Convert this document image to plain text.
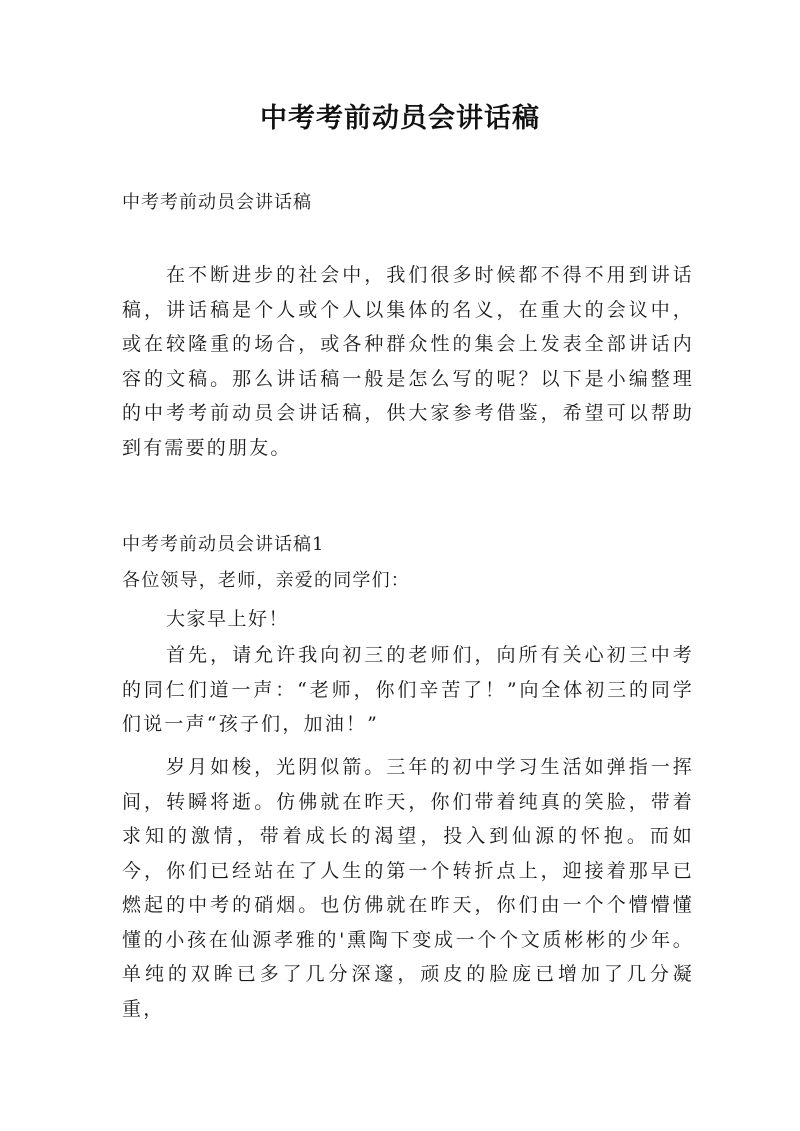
中考考前动员会讲话稿

中考考前动员会讲话稿

在不断进步的社会中，我们很多时候都不得不用到讲话稿，讲话稿是个人或个人以集体的名义，在重大的会议中，或在较隆重的场合，或各种群众性的集会上发表全部讲话内容的文稿。那么讲话稿一般是怎么写的呢？以下是小编整理的中考考前动员会讲话稿，供大家参考借鉴，希望可以帮助到有需要的朋友。

中考考前动员会讲话稿1

各位领导，老师，亲爱的同学们：

大家早上好！

首先，请允许我向初三的老师们，向所有关心初三中考的同仁们道一声：“老师，你们辛苦了！”向全体初三的同学们说一声“孩子们，加油！”

岁月如梭，光阴似箭。三年的初中学习生活如弹指一挥间，转瞬将逝。仿佛就在昨天，你们带着纯真的笑脸，带着求知的激情，带着成长的渴望，投入到仙源的怀抱。而如今，你们已经站在了人生的第一个转折点上，迎接着那早已燃起的中考的硝烟。也仿佛就在昨天，你们由一个个懵懵懂懂的小孩在仙源孝雅的'熏陶下变成一个个文质彬彬的少年。单纯的双眸已多了几分深邃，顽皮的脸庞已增加了几分凝重，
